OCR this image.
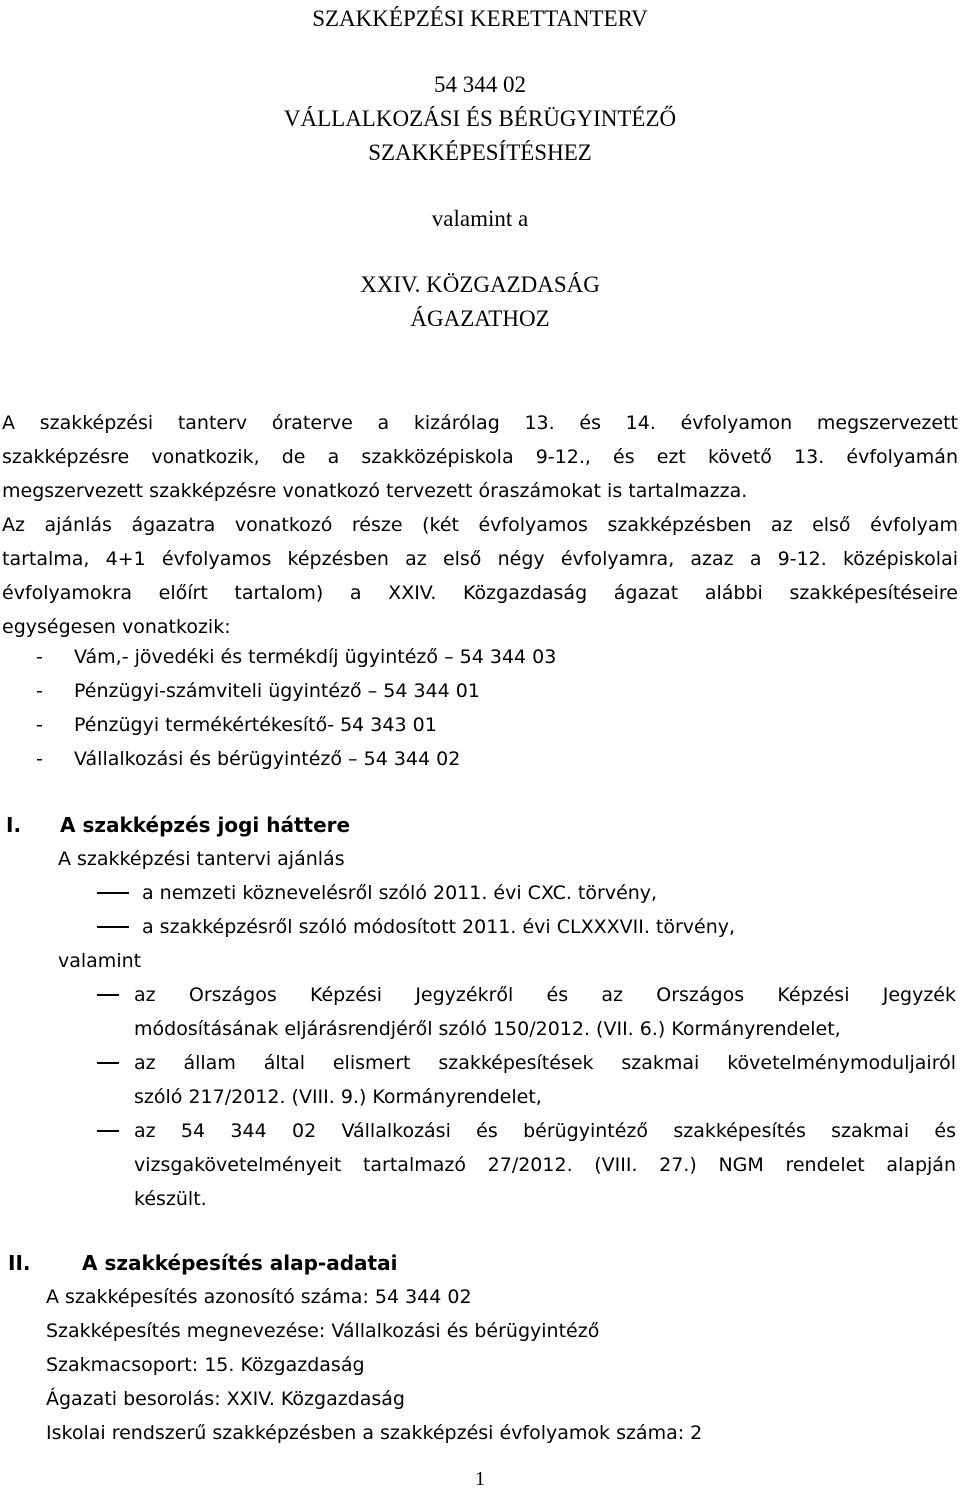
SZAKKÉPZÉSI KERETTANTERV
54 344 02
VÁLLALKOZÁSI ÉS BÉRÜGYINTÉZŐ
SZAKKÉPESÍTÉSHEZ
valamint a
XXIV. KÖZGAZDASÁG
ÁGAZATHOZ
A szakképzési tanterv óraterve a kizárólag 13. és 14. évfolyamon megszervezett
szakképzésre vonatkozik, de a szakközépiskola 9-12., és ezt követő 13. évfolyamán
megszervezett szakképzésre vonatkozó tervezett óraszámokat is tartalmazza.
Az ajánlás ágazatra vonatkozó része (két évfolyamos szakképzésben az első évfolyam
tartalma, 4+1 évfolyamos képzésben az első négy évfolyamra, azaz a 9-12. középiskolai
évfolyamokra előírt tartalom) a XXIV. Közgazdaság ágazat alábbi szakképesítéseire
egységesen vonatkozik:
- Vám,- jövedéki és termékdíj ügyintéző – 54 344 03
- Pénzügyi-számviteli ügyintéző – 54 344 01
- Pénzügyi termékértékesítő- 54 343 01
- Vállalkozási és bérügyintéző – 54 344 02
I. A szakképzés jogi háttere
A szakképzési tantervi ajánlás
a nemzeti köznevelésről szóló 2011. évi CXC. törvény,
a szakképzésről szóló módosított 2011. évi CLXXXVII. törvény,
valamint
az Országos Képzési Jegyzékről és az Országos Képzési Jegyzék
módosításának eljárásrendjéről szóló 150/2012. (VII. 6.) Kormányrendelet,
az állam által elismert szakképesítések szakmai követelménymoduljairól
szóló 217/2012. (VIII. 9.) Kormányrendelet,
az 54 344 02 Vállalkozási és bérügyintéző szakképesítés szakmai és
vizsgakövetelményeit tartalmazó 27/2012. (VIII. 27.) NGM rendelet alapján
készült.
II.	A szakképesítés alap-adatai
A szakképesítés azonosító száma: 54 344 02
Szakképesítés megnevezése: Vállalkozási és bérügyintéző
Szakmacsoport: 15. Közgazdaság
Ágazati besorolás: XXIV. Közgazdaság
Iskolai rendszerű szakképzésben a szakképzési évfolyamok száma: 2
1
